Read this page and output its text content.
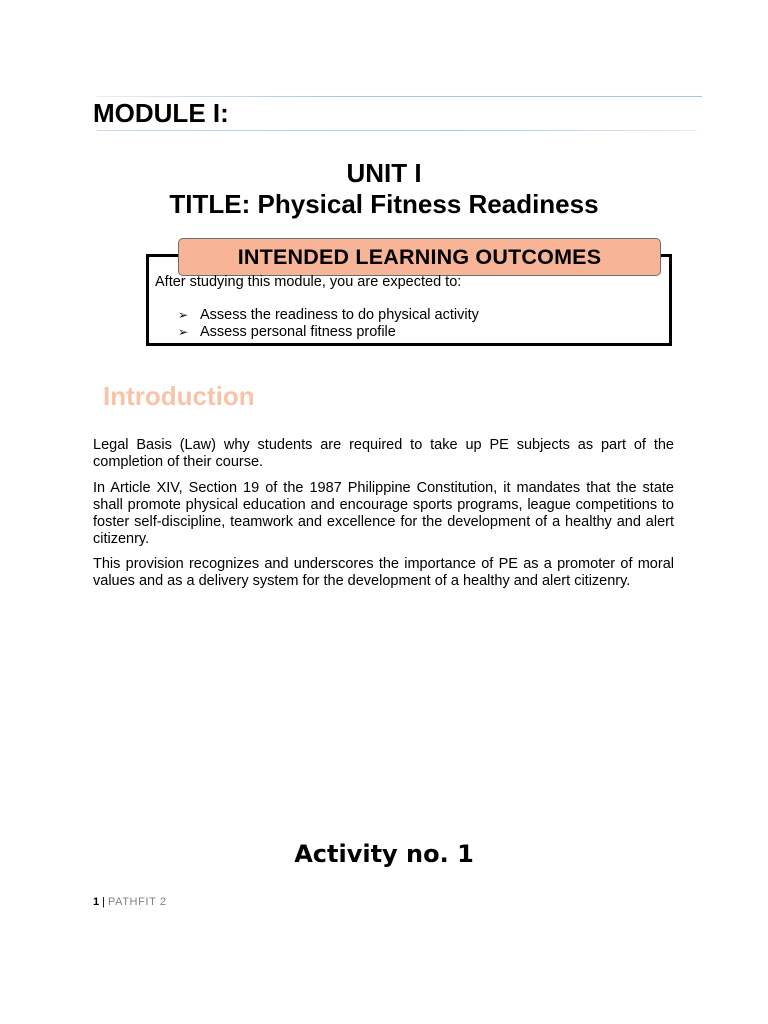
MODULE I:
UNIT I
TITLE: Physical Fitness Readiness
INTENDED LEARNING OUTCOMES
After studying this module, you are expected to:
➢ Assess the readiness to do physical activity
➢ Assess personal fitness profile
Introduction

Legal Basis (Law) why students are required to take up PE subjects as part of the completion of their course.

In Article XIV, Section 19 of the 1987 Philippine Constitution, it mandates that the state shall promote physical education and encourage sports programs, league competitions to foster self-discipline, teamwork and excellence for the development of a healthy and alert citizenry.

This provision recognizes and underscores the importance of PE as a promoter of moral values and as a delivery system for the development of a healthy and alert citizenry.

Activity no. 1
1 | PATHFIT 2
